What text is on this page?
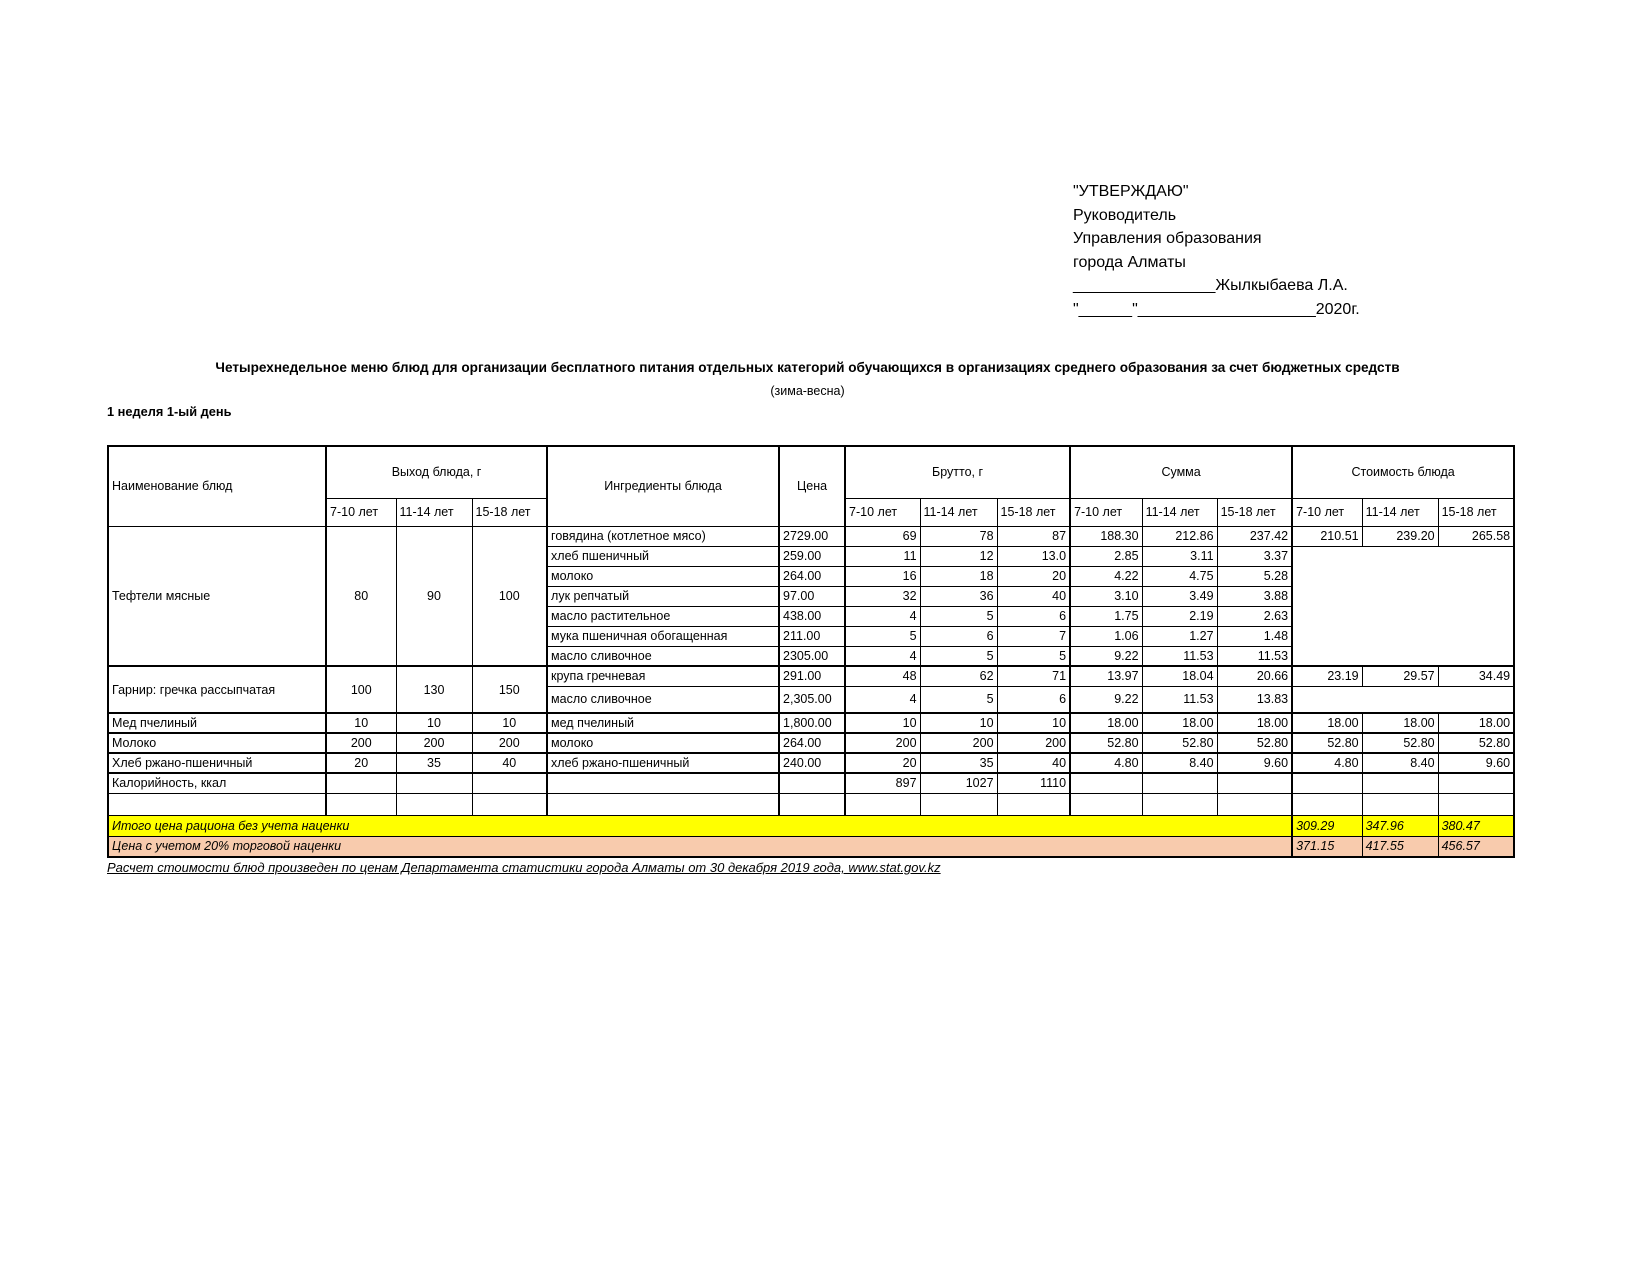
"УТВЕРЖДАЮ"
Руководитель
Управления образования
города Алматы
________________Жылкыбаева Л.А.
"______"____________________2020г.
Четырехнедельное меню блюд для организации бесплатного питания отдельных категорий обучающихся в организациях среднего образования за счет бюджетных средств
(зима-весна)
1 неделя 1-ый день
Наименование блюд	Выход блюда, г			Ингредиенты блюда	Цена	Брутто, г			Сумма			Стоимость блюда		
	7-10 лет	11-14 лет	15-18 лет			7-10 лет	11-14 лет	15-18 лет	7-10 лет	11-14 лет	15-18 лет	7-10 лет	11-14 лет	15-18 лет
Тефтели мясные	80	90	100	говядина (котлетное мясо)	2729.00	69	78	87	188.30	212.86	237.42	210.51	239.20	265.58
				хлеб пшеничный	259.00	11	12	13.0	2.85	3.11	3.37			
				молоко	264.00	16	18	20	4.22	4.75	5.28			
				лук репчатый	97.00	32	36	40	3.10	3.49	3.88			
				масло растительное	438.00	4	5	6	1.75	2.19	2.63			
				мука пшеничная обогащенная	211.00	5	6	7	1.06	1.27	1.48			
				масло сливочное	2305.00	4	5	5	9.22	11.53	11.53			
Гарнир: гречка рассыпчатая	100	130	150	крупа гречневая	291.00	48	62	71	13.97	18.04	20.66	23.19	29.57	34.49
				масло сливочное	2,305.00	4	5	6	9.22	11.53	13.83			
Мед пчелиный	10	10	10	мед пчелиный	1,800.00	10	10	10	18.00	18.00	18.00	18.00	18.00	18.00
Молоко	200	200	200	молоко	264.00	200	200	200	52.80	52.80	52.80	52.80	52.80	52.80
Хлеб ржано-пшеничный	20	35	40	хлеб ржано-пшеничный	240.00	20	35	40	4.80	8.40	9.60	4.80	8.40	9.60
Калорийность, ккал						897	1027	1110						

Итого цена рациона без учета наценки												309.29	347.96	380.47
Цена с учетом 20% торговой наценки												371.15	417.55	456.57
Расчет стоимости блюд произведен по ценам Департамента статистики города Алматы от 30 декабря 2019 года, www.stat.gov.kz
